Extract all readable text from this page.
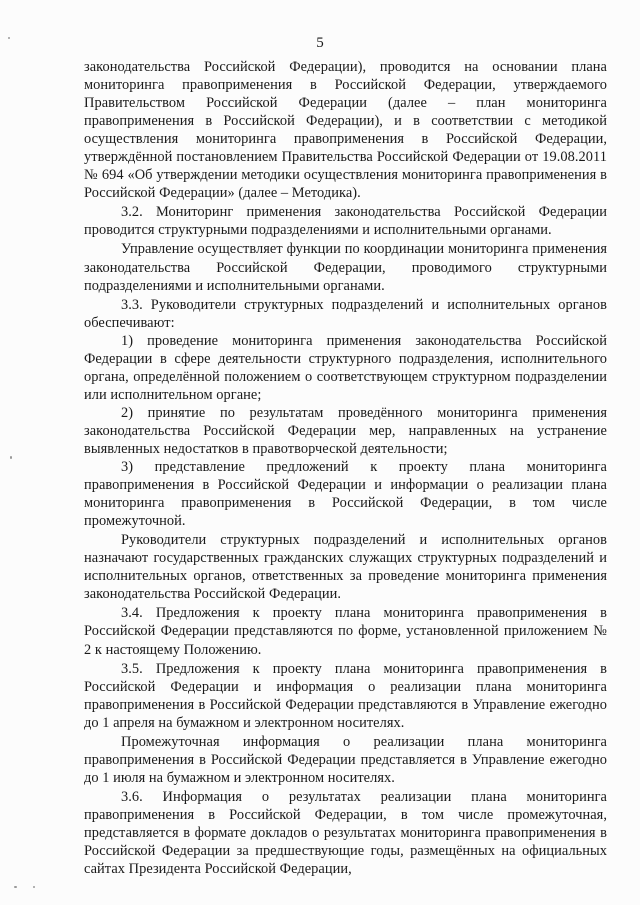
5

законодательства Российской Федерации), проводится на основании плана мониторинга правоприменения в Российской Федерации, утверждаемого Правительством Российской Федерации (далее – план мониторинга правоприменения в Российской Федерации), и в соответствии с методикой осуществления мониторинга правоприменения в Российской Федерации, утверждённой постановлением Правительства Российской Федерации от 19.08.2011 № 694 «Об утверждении методики осуществления мониторинга правоприменения в Российской Федерации» (далее – Методика).

3.2. Мониторинг применения законодательства Российской Федерации проводится структурными подразделениями и исполнительными органами.

Управление осуществляет функции по координации мониторинга применения законодательства Российской Федерации, проводимого структурными подразделениями и исполнительными органами.

3.3. Руководители структурных подразделений и исполнительных органов обеспечивают:

1) проведение мониторинга применения законодательства Российской Федерации в сфере деятельности структурного подразделения, исполнительного органа, определённой положением о соответствующем структурном подразделении или исполнительном органе;

2) принятие по результатам проведённого мониторинга применения законодательства Российской Федерации мер, направленных на устранение выявленных недостатков в правотворческой деятельности;

3) представление предложений к проекту плана мониторинга правоприменения в Российской Федерации и информации о реализации плана мониторинга правоприменения в Российской Федерации, в том числе промежуточной.

Руководители структурных подразделений и исполнительных органов назначают государственных гражданских служащих структурных подразделений и исполнительных органов, ответственных за проведение мониторинга применения законодательства Российской Федерации.

3.4. Предложения к проекту плана мониторинга правоприменения в Российской Федерации представляются по форме, установленной приложением № 2 к настоящему Положению.

3.5. Предложения к проекту плана мониторинга правоприменения в Российской Федерации и информация о реализации плана мониторинга правоприменения в Российской Федерации представляются в Управление ежегодно до 1 апреля на бумажном и электронном носителях.

Промежуточная информация о реализации плана мониторинга правоприменения в Российской Федерации представляется в Управление ежегодно до 1 июля на бумажном и электронном носителях.

3.6. Информация о результатах реализации плана мониторинга правоприменения в Российской Федерации, в том числе промежуточная, представляется в формате докладов о результатах мониторинга правоприменения в Российской Федерации за предшествующие годы, размещённых на официальных сайтах Президента Российской Федерации,
